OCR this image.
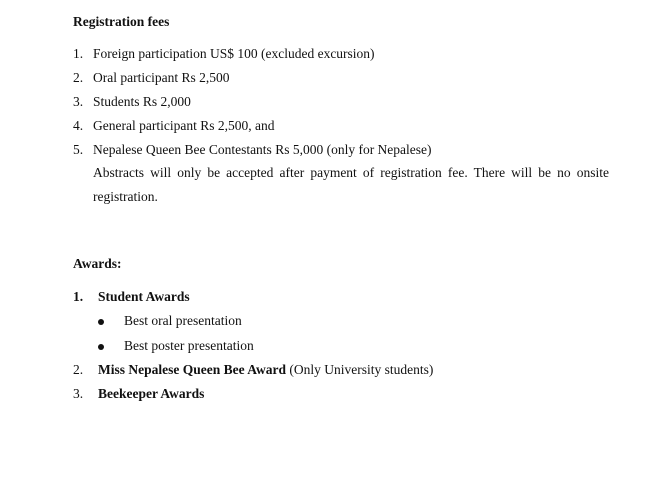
Registration fees
1. Foreign participation US$ 100 (excluded excursion)
2. Oral participant Rs 2,500
3. Students Rs 2,000
4. General participant Rs 2,500, and
5. Nepalese Queen Bee Contestants Rs 5,000 (only for Nepalese)
Abstracts will only be accepted after payment of registration fee. There will be no onsite registration.
Awards:
1. Student Awards
Best oral presentation
Best poster presentation
2. Miss Nepalese Queen Bee Award (Only University students)
3. Beekeeper Awards
